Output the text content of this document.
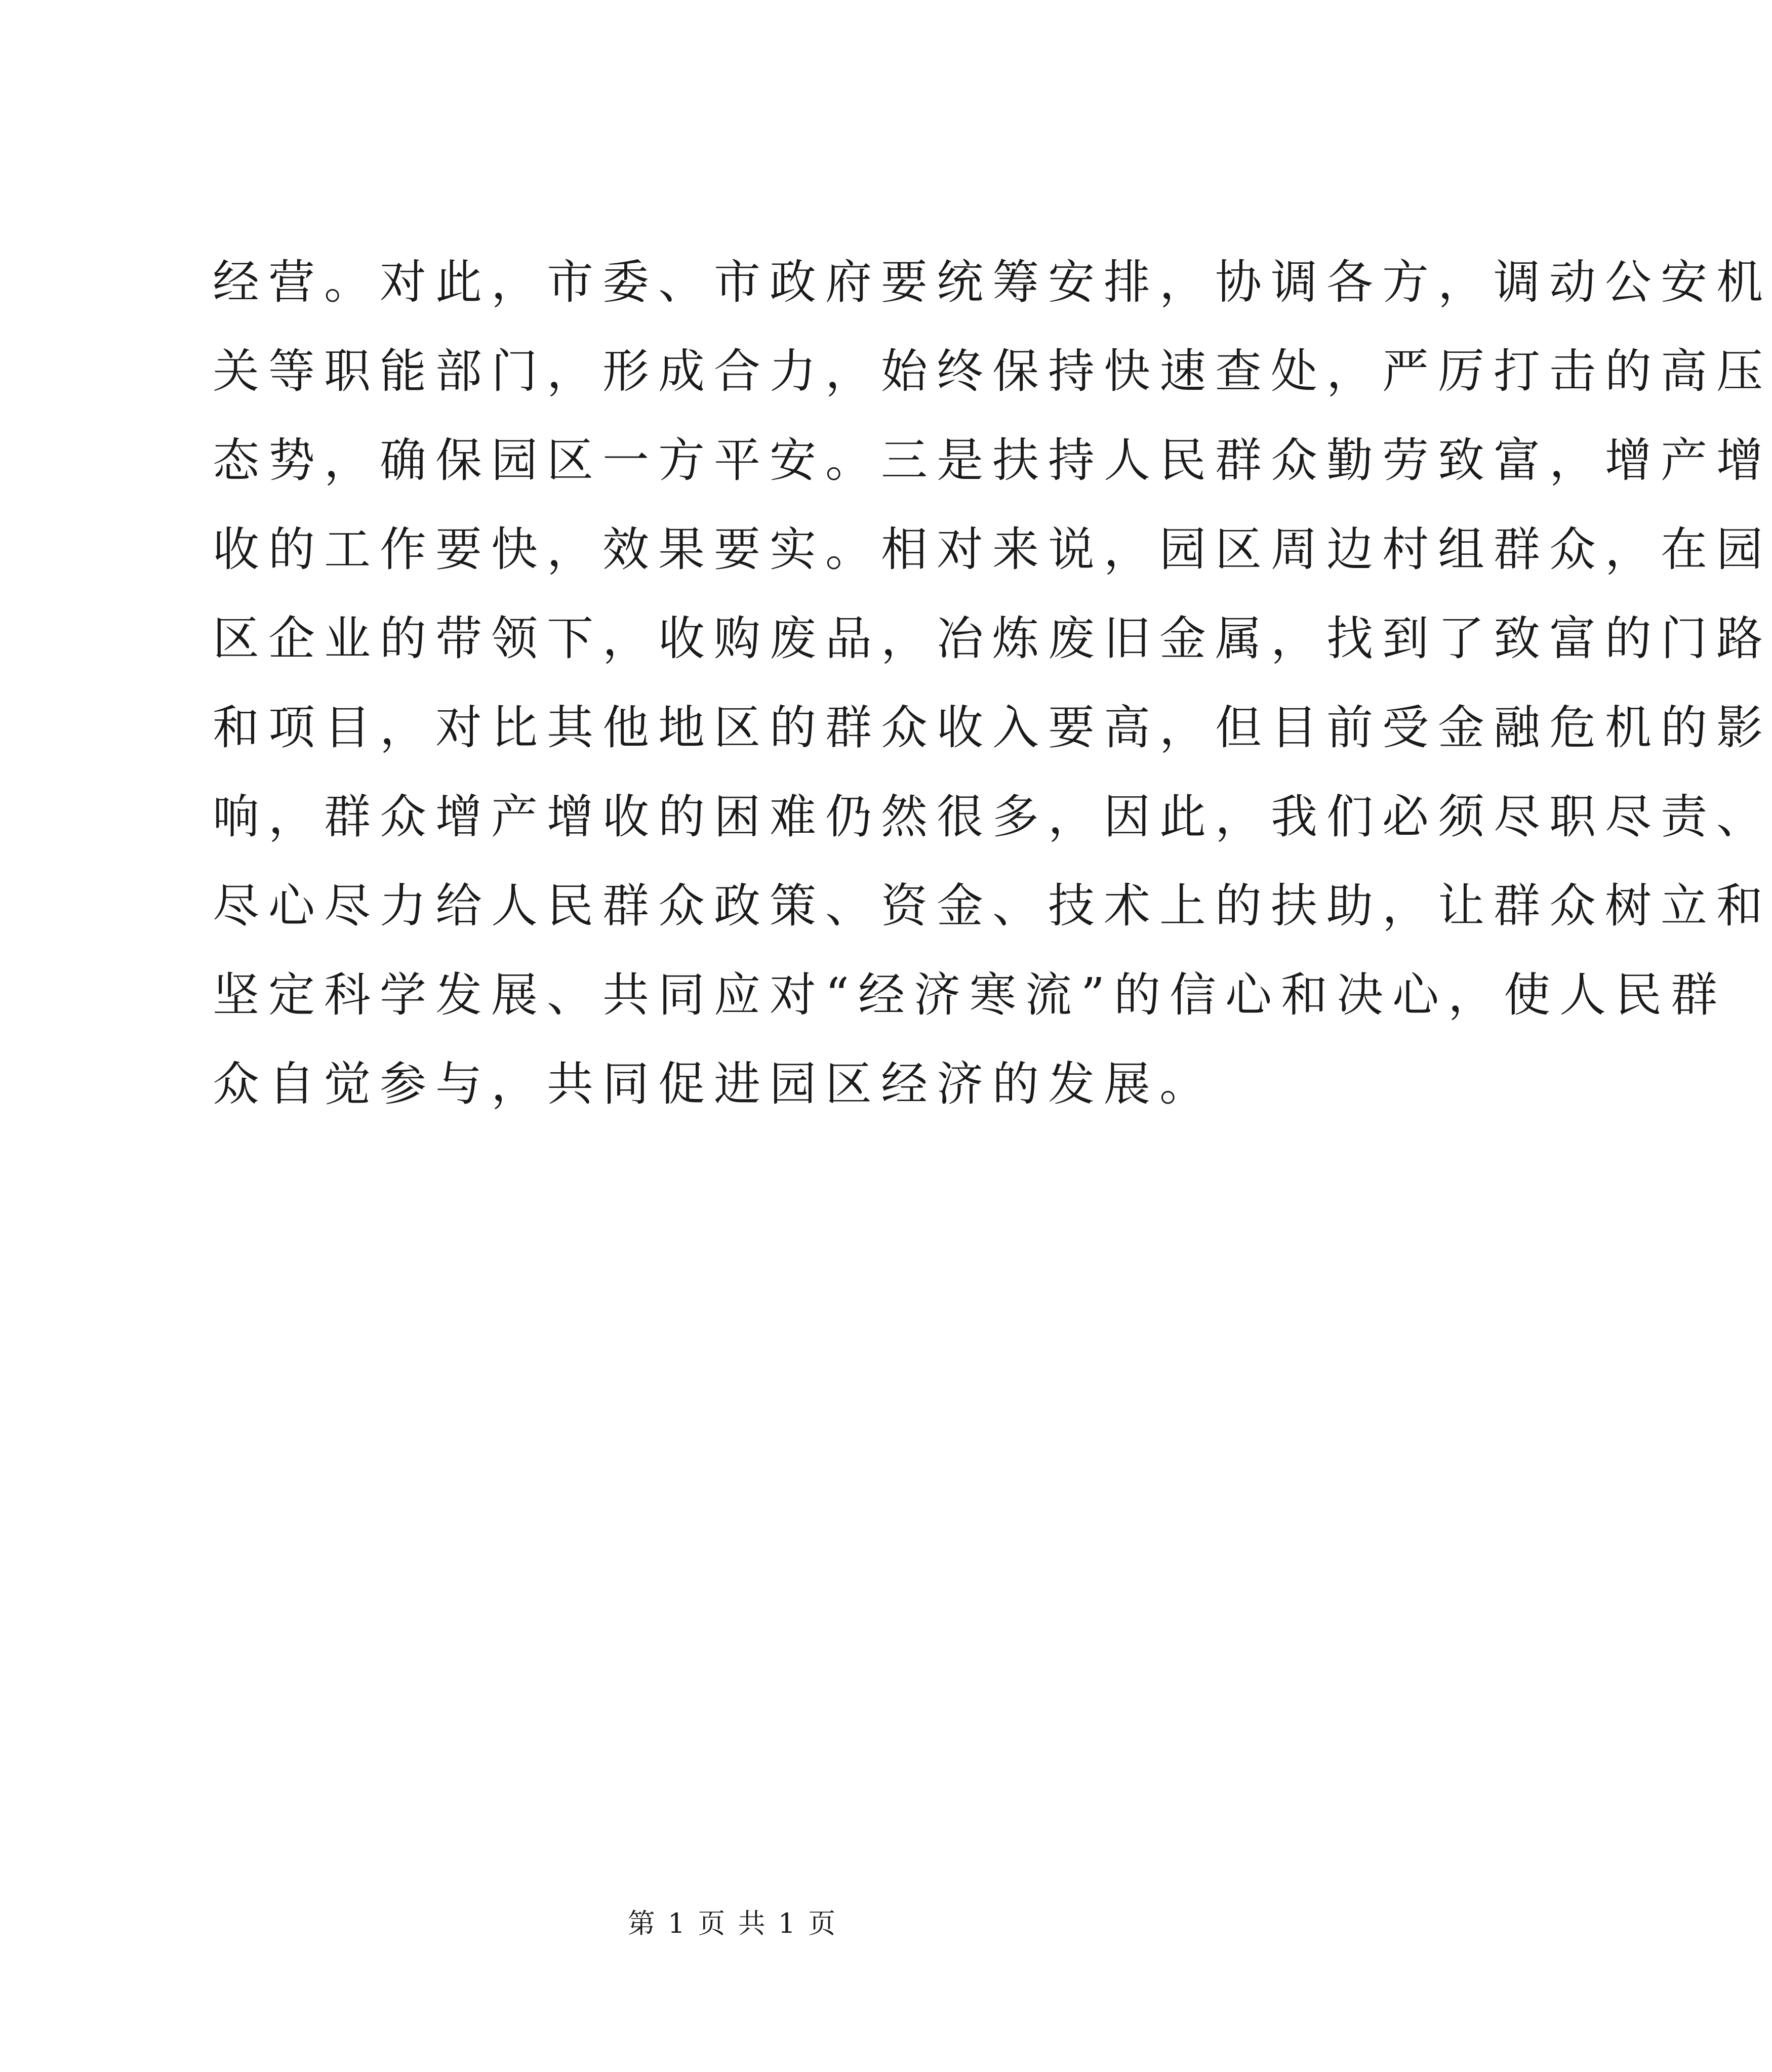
经营。对此，市委、市政府要统筹安排，协调各方，调动公安机
关等职能部门，形成合力，始终保持快速查处，严厉打击的高压
态势，确保园区一方平安。三是扶持人民群众勤劳致富，增产增
收的工作要快，效果要实。相对来说，园区周边村组群众，在园
区企业的带领下，收购废品，冶炼废旧金属，找到了致富的门路
和项目，对比其他地区的群众收入要高，但目前受金融危机的影
响，群众增产增收的困难仍然很多，因此，我们必须尽职尽责、
尽心尽力给人民群众政策、资金、技术上的扶助，让群众树立和
坚定科学发展、共同应对“经济寒流”的信心和决心，使人民群
众自觉参与，共同促进园区经济的发展。
第 1 页 共 1 页
